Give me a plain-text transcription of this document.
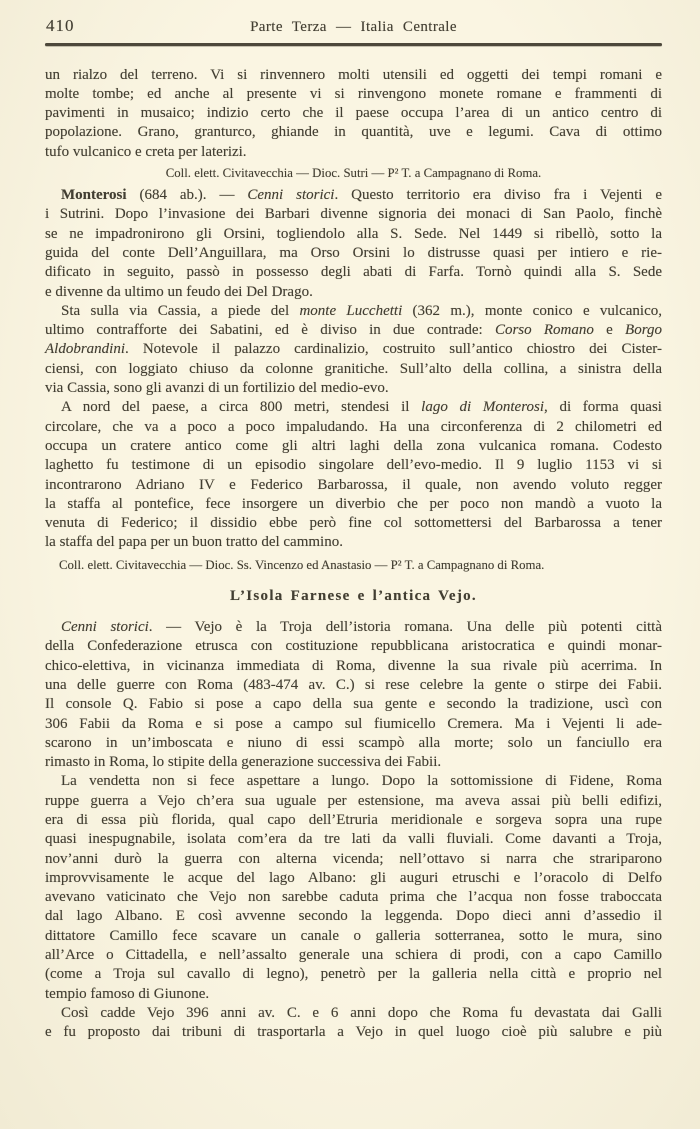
410	Parte Terza — Italia Centrale
un rialzo del terreno. Vi si rinvennero molti utensili ed oggetti dei tempi romani e
molte tombe; ed anche al presente vi si rinvengono monete romane e frammenti di
pavimenti in musaico; indizio certo che il paese occupa l’area di un antico centro di
popolazione. Grano, granturco, ghiande in quantità, uve e legumi. Cava di ottimo
tufo vulcanico e creta per laterizi.
Coll. elett. Civitavecchia — Dioc. Sutri — P² T. a Campagnano di Roma.
Monterosi (684 ab.). — Cenni storici. Questo territorio era diviso fra i Vejenti e
i Sutrini. Dopo l’invasione dei Barbari divenne signoria dei monaci di San Paolo, finchè
se ne impadronirono gli Orsini, togliendolo alla S. Sede. Nel 1449 si ribellò, sotto la
guida del conte Dell’Anguillara, ma Orso Orsini lo distrusse quasi per intiero e rie-
dificato in seguito, passò in possesso degli abati di Farfa. Tornò quindi alla S. Sede
e divenne da ultimo un feudo dei Del Drago.
Sta sulla via Cassia, a piede del monte Lucchetti (362 m.), monte conico e vulcanico,
ultimo contrafforte dei Sabatini, ed è diviso in due contrade: Corso Romano e Borgo
Aldobrandini. Notevole il palazzo cardinalizio, costruito sull’antico chiostro dei Cister-
ciensi, con loggiato chiuso da colonne granitiche. Sull’alto della collina, a sinistra della
via Cassia, sono gli avanzi di un fortilizio del medio-evo.
A nord del paese, a circa 800 metri, stendesi il lago di Monterosi, di forma quasi
circolare, che va a poco a poco impaludando. Ha una circonferenza di 2 chilometri ed
occupa un cratere antico come gli altri laghi della zona vulcanica romana. Codesto
laghetto fu testimone di un episodio singolare dell’evo-medio. Il 9 luglio 1153 vi si
incontrarono Adriano IV e Federico Barbarossa, il quale, non avendo voluto regger
la staffa al pontefice, fece insorgere un diverbio che per poco non mandò a vuoto la
venuta di Federico; il dissidio ebbe però fine col sottomettersi del Barbarossa a tener
la staffa del papa per un buon tratto del cammino.
Coll. elett. Civitavecchia — Dioc. Ss. Vincenzo ed Anastasio — P² T. a Campagnano di Roma.
L’Isola Farnese e l’antica Vejo.
Cenni storici. — Vejo è la Troja dell’istoria romana. Una delle più potenti città
della Confederazione etrusca con costituzione repubblicana aristocratica e quindi monar-
chico-elettiva, in vicinanza immediata di Roma, divenne la sua rivale più acerrima. In
una delle guerre con Roma (483-474 av. C.) si rese celebre la gente o stirpe dei Fabii.
Il console Q. Fabio si pose a capo della sua gente e secondo la tradizione, uscì con
306 Fabii da Roma e si pose a campo sul fiumicello Cremera. Ma i Vejenti li ade-
scarono in un’imboscata e niuno di essi scampò alla morte; solo un fanciullo era
rimasto in Roma, lo stipite della generazione successiva dei Fabii.
La vendetta non si fece aspettare a lungo. Dopo la sottomissione di Fidene, Roma
ruppe guerra a Vejo ch’era sua uguale per estensione, ma aveva assai più belli edifizi,
era di essa più florida, qual capo dell’Etruria meridionale e sorgeva sopra una rupe
quasi inespugnabile, isolata com’era da tre lati da valli fluviali. Come davanti a Troja,
nov’anni durò la guerra con alterna vicenda; nell’ottavo si narra che strariparono
improvvisamente le acque del lago Albano: gli auguri etruschi e l’oracolo di Delfo
avevano vaticinato che Vejo non sarebbe caduta prima che l’acqua non fosse traboccata
dal lago Albano. E così avvenne secondo la leggenda. Dopo dieci anni d’assedio il
dittatore Camillo fece scavare un canale o galleria sotterranea, sotto le mura, sino
all’Arce o Cittadella, e nell’assalto generale una schiera di prodi, con a capo Camillo
(come a Troja sul cavallo di legno), penetrò per la galleria nella città e proprio nel
tempio famoso di Giunone.
Così cadde Vejo 396 anni av. C. e 6 anni dopo che Roma fu devastata dai Galli
e fu proposto dai tribuni di trasportarla a Vejo in quel luogo cioè più salubre e più
